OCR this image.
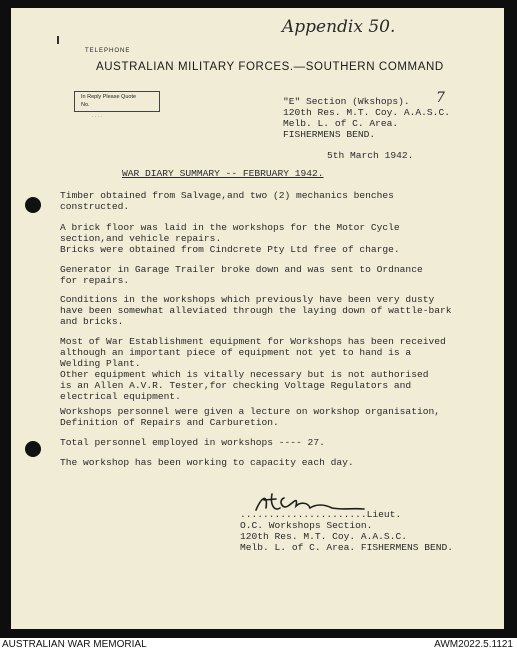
Appendix 50.
TELEPHONE
AUSTRALIAN MILITARY FORCES.—SOUTHERN COMMAND
In Reply Please Quote
No.
. . . .
"E" Section (Wkshops). 7
120th Res. M.T. Coy. A.A.S.C.
Melb. L. of C. Area.
FISHERMENS BEND.
5th March 1942.
WAR DIARY SUMMARY -- FEBRUARY 1942.
Timber obtained from Salvage,and two (2) mechanics benches
constructed.
A brick floor was laid in the workshops for the Motor Cycle
section,and vehicle repairs.
Bricks were obtained from Cindcrete Pty Ltd free of charge.
Generator in Garage Trailer broke down and was sent to Ordnance
for repairs.
Conditions in the workshops which previously have been very dusty
have been somewhat alleviated through the laying down of wattle-bark
and bricks.
Most of War Establishment equipment for Workshops has been received
although an important piece of equipment not yet to hand is a
Welding Plant.
Other equipment which is vitally necessary but is not authorised
is an Allen A.V.R. Tester,for checking Voltage Regulators and
electrical equipment.
Workshops personnel were given a lecture on workshop organisation,
Definition of Repairs and Carburetion.
Total personnel employed in workshops ---- 27.
The workshop has been working to capacity each day.
......................Lieut.
O.C. Workshops Section.
120th Res. M.T. Coy. A.A.S.C.
Melb. L. of C. Area. FISHERMENS BEND.
AUSTRALIAN WAR MEMORIAL	AWM2022.5.1121
